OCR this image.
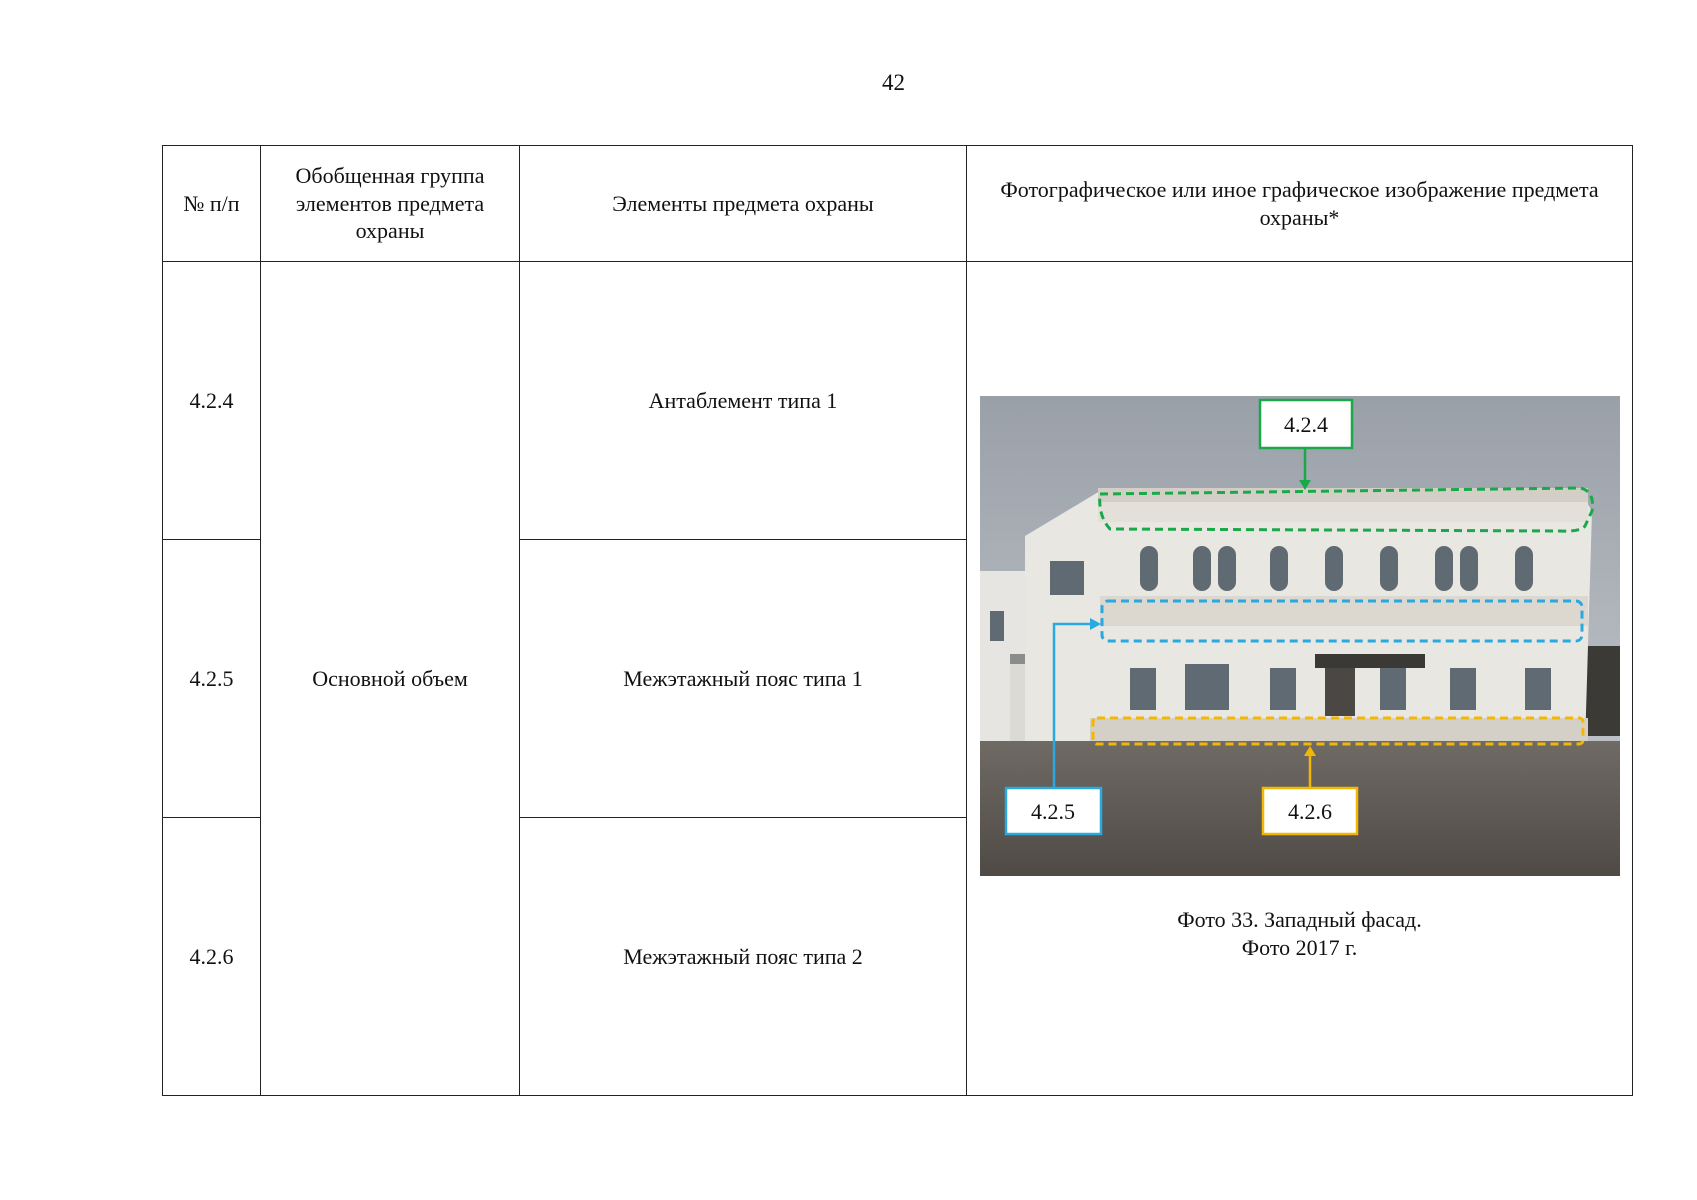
42
№ п/п	Обобщенная группа элементов предмета охраны	Элементы предмета охраны	Фотографическое или иное графическое изображение предмета охраны*
4.2.4	Основной объем	Антаблемент типа 1	4.2.4
4.2.5 4.2.6
Фото 33. Западный фасад.
Фото 2017 г.

4.2.5		Межэтажный пояс типа 1	
4.2.6		Межэтажный пояс типа 2	
